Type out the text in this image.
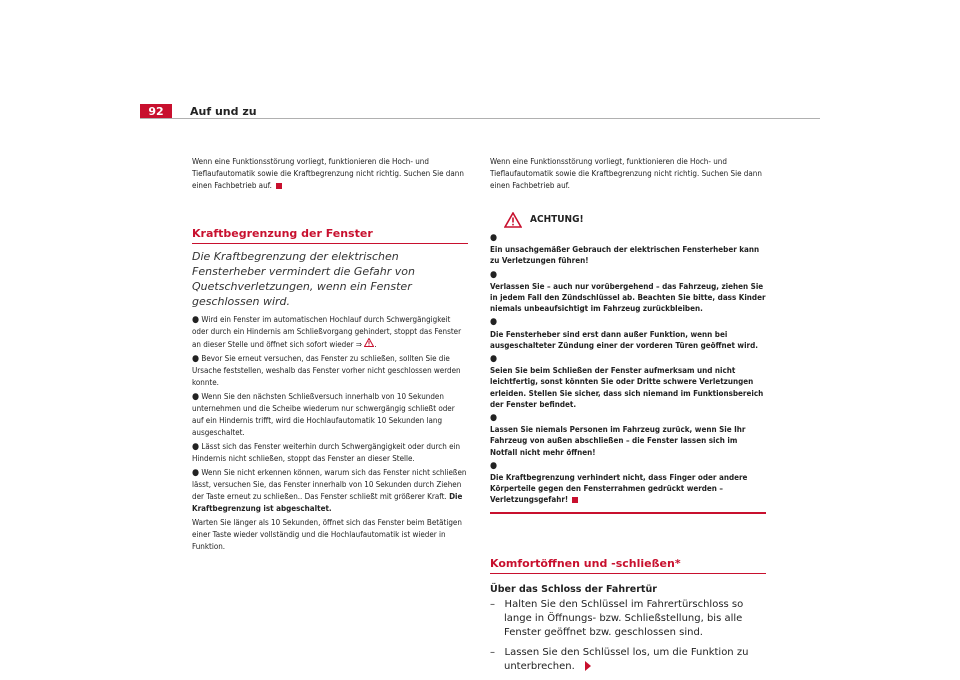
92	Auf und zu

Wenn eine Funktionsstörung vorliegt, funktionieren die Hoch- und Tieflaufautomatik sowie die Kraftbegrenzung nicht richtig. Suchen Sie dann einen Fachbetrieb auf.

Kraftbegrenzung der Fenster
Die Kraftbegrenzung der elektrischen Fensterheber vermindert die Gefahr von Quetschverletzungen, wenn ein Fenster geschlossen wird.

● Wird ein Fenster im automatischen Hochlauf durch Schwergängigkeit oder durch ein Hindernis am Schließvorgang gehindert, stoppt das Fenster an dieser Stelle und öffnet sich sofort wieder ⇒ .

● Bevor Sie erneut versuchen, das Fenster zu schließen, sollten Sie die Ursache feststellen, weshalb das Fenster vorher nicht geschlossen werden konnte.

● Wenn Sie den nächsten Schließversuch innerhalb von 10 Sekunden unternehmen und die Scheibe wiederum nur schwergängig schließt oder auf ein Hindernis trifft, wird die Hochlaufautomatik 10 Sekunden lang ausgeschaltet.

● Lässt sich das Fenster weiterhin durch Schwergängigkeit oder durch ein Hindernis nicht schließen, stoppt das Fenster an dieser Stelle.

● Wenn Sie nicht erkennen können, warum sich das Fenster nicht schließen lässt, versuchen Sie, das Fenster innerhalb von 10 Sekunden durch Ziehen der Taste erneut zu schließen.. Das Fenster schließt mit größerer Kraft. Die Kraftbegrenzung ist abgeschaltet.

Warten Sie länger als 10 Sekunden, öffnet sich das Fenster beim Betätigen einer Taste wieder vollständig und die Hochlaufautomatik ist wieder in Funktion.

Wenn eine Funktionsstörung vorliegt, funktionieren die Hoch- und Tieflaufautomatik sowie die Kraftbegrenzung nicht richtig. Suchen Sie dann einen Fachbetrieb auf.

ACHTUNG!

●
Ein unsachgemäßer Gebrauch der elektrischen Fensterheber kann zu Verletzungen führen!

●
Verlassen Sie – auch nur vorübergehend – das Fahrzeug, ziehen Sie in jedem Fall den Zündschlüssel ab. Beachten Sie bitte, dass Kinder niemals unbeaufsichtigt im Fahrzeug zurückbleiben.

●
Die Fensterheber sind erst dann außer Funktion, wenn bei ausgeschalteter Zündung einer der vorderen Türen geöffnet wird.

●
Seien Sie beim Schließen der Fenster aufmerksam und nicht leichtfertig, sonst könnten Sie oder Dritte schwere Verletzungen erleiden. Stellen Sie sicher, dass sich niemand im Funktionsbereich der Fenster befindet.

●
Lassen Sie niemals Personen im Fahrzeug zurück, wenn Sie Ihr Fahrzeug von außen abschließen – die Fenster lassen sich im Notfall nicht mehr öffnen!

●
Die Kraftbegrenzung verhindert nicht, dass Finger oder andere Körperteile gegen den Fensterrahmen gedrückt werden – Verletzungsgefahr!

Komfortöffnen und -schließen*
Über das Schloss der Fahrertür

–   Halten Sie den Schlüssel im Fahrertürschloss so lange in Öffnungs- bzw. Schließstellung, bis alle Fenster geöffnet bzw. geschlossen sind.

–   Lassen Sie den Schlüssel los, um die Funktion zu unterbrechen.
